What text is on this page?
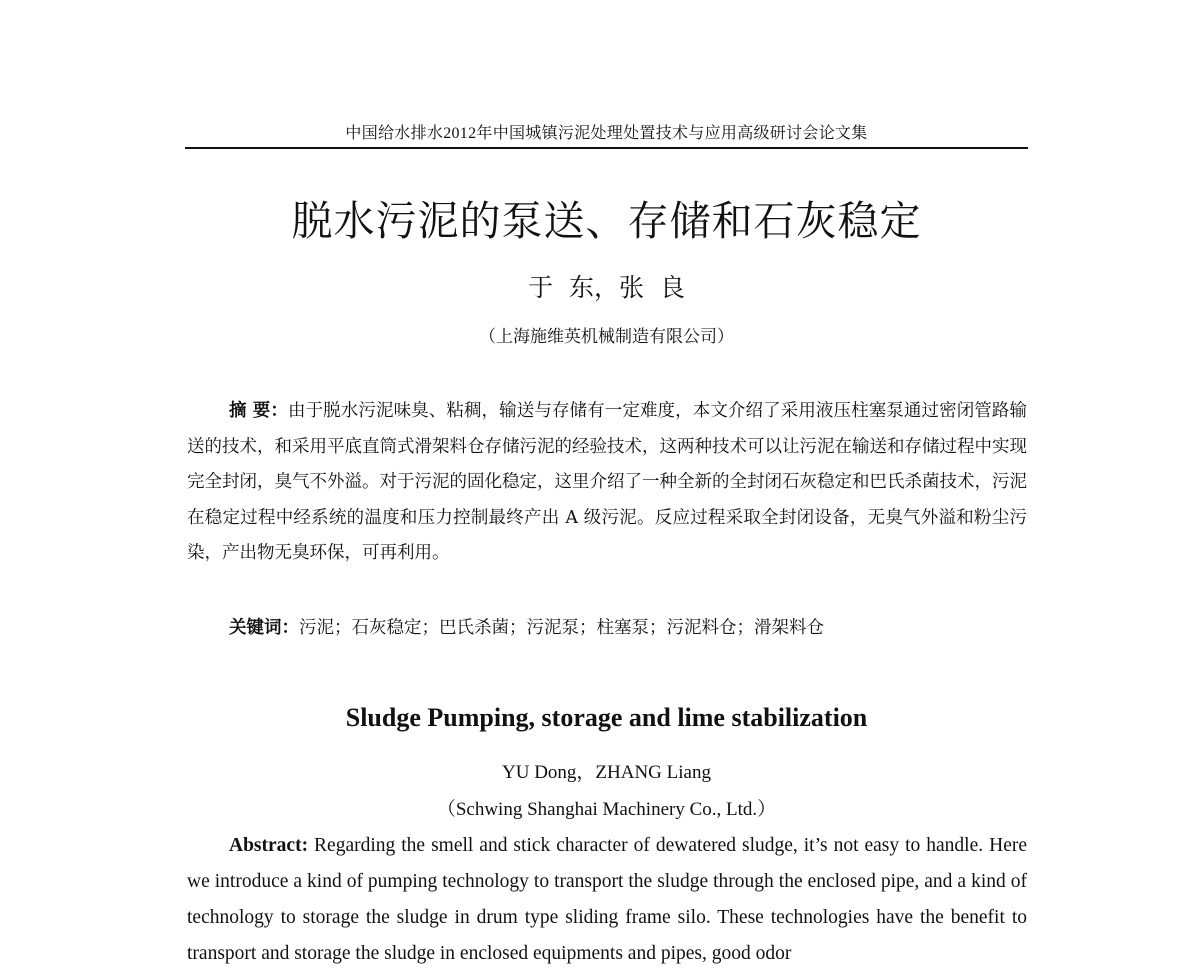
中国给水排水2012年中国城镇污泥处理处置技术与应用高级研讨会论文集
脱水污泥的泵送、存储和石灰稳定
于  东，张  良
（上海施维英机械制造有限公司）

摘 要：由于脱水污泥味臭、粘稠，输送与存储有一定难度，本文介绍了采用液压柱塞泵通过密闭管路输送的技术，和采用平底直筒式滑架料仓存储污泥的经验技术，这两种技术可以让污泥在输送和存储过程中实现完全封闭，臭气不外溢。对于污泥的固化稳定，这里介绍了一种全新的全封闭石灰稳定和巴氏杀菌技术，污泥在稳定过程中经系统的温度和压力控制最终产出 A 级污泥。反应过程采取全封闭设备，无臭气外溢和粉尘污染，产出物无臭环保，可再利用。

关键词：污泥；石灰稳定；巴氏杀菌；污泥泵；柱塞泵；污泥料仓；滑架料仓

Sludge Pumping, storage and lime stabilization
YU Dong，ZHANG Liang
（Schwing Shanghai Machinery Co., Ltd.）

Abstract: Regarding the smell and stick character of dewatered sludge, it’s not easy to handle. Here we introduce a kind of pumping technology to transport the sludge through the enclosed pipe, and a kind of technology to storage the sludge in drum type sliding frame silo. These technologies have the benefit to transport and storage the sludge in enclosed equipments and pipes, good odor
